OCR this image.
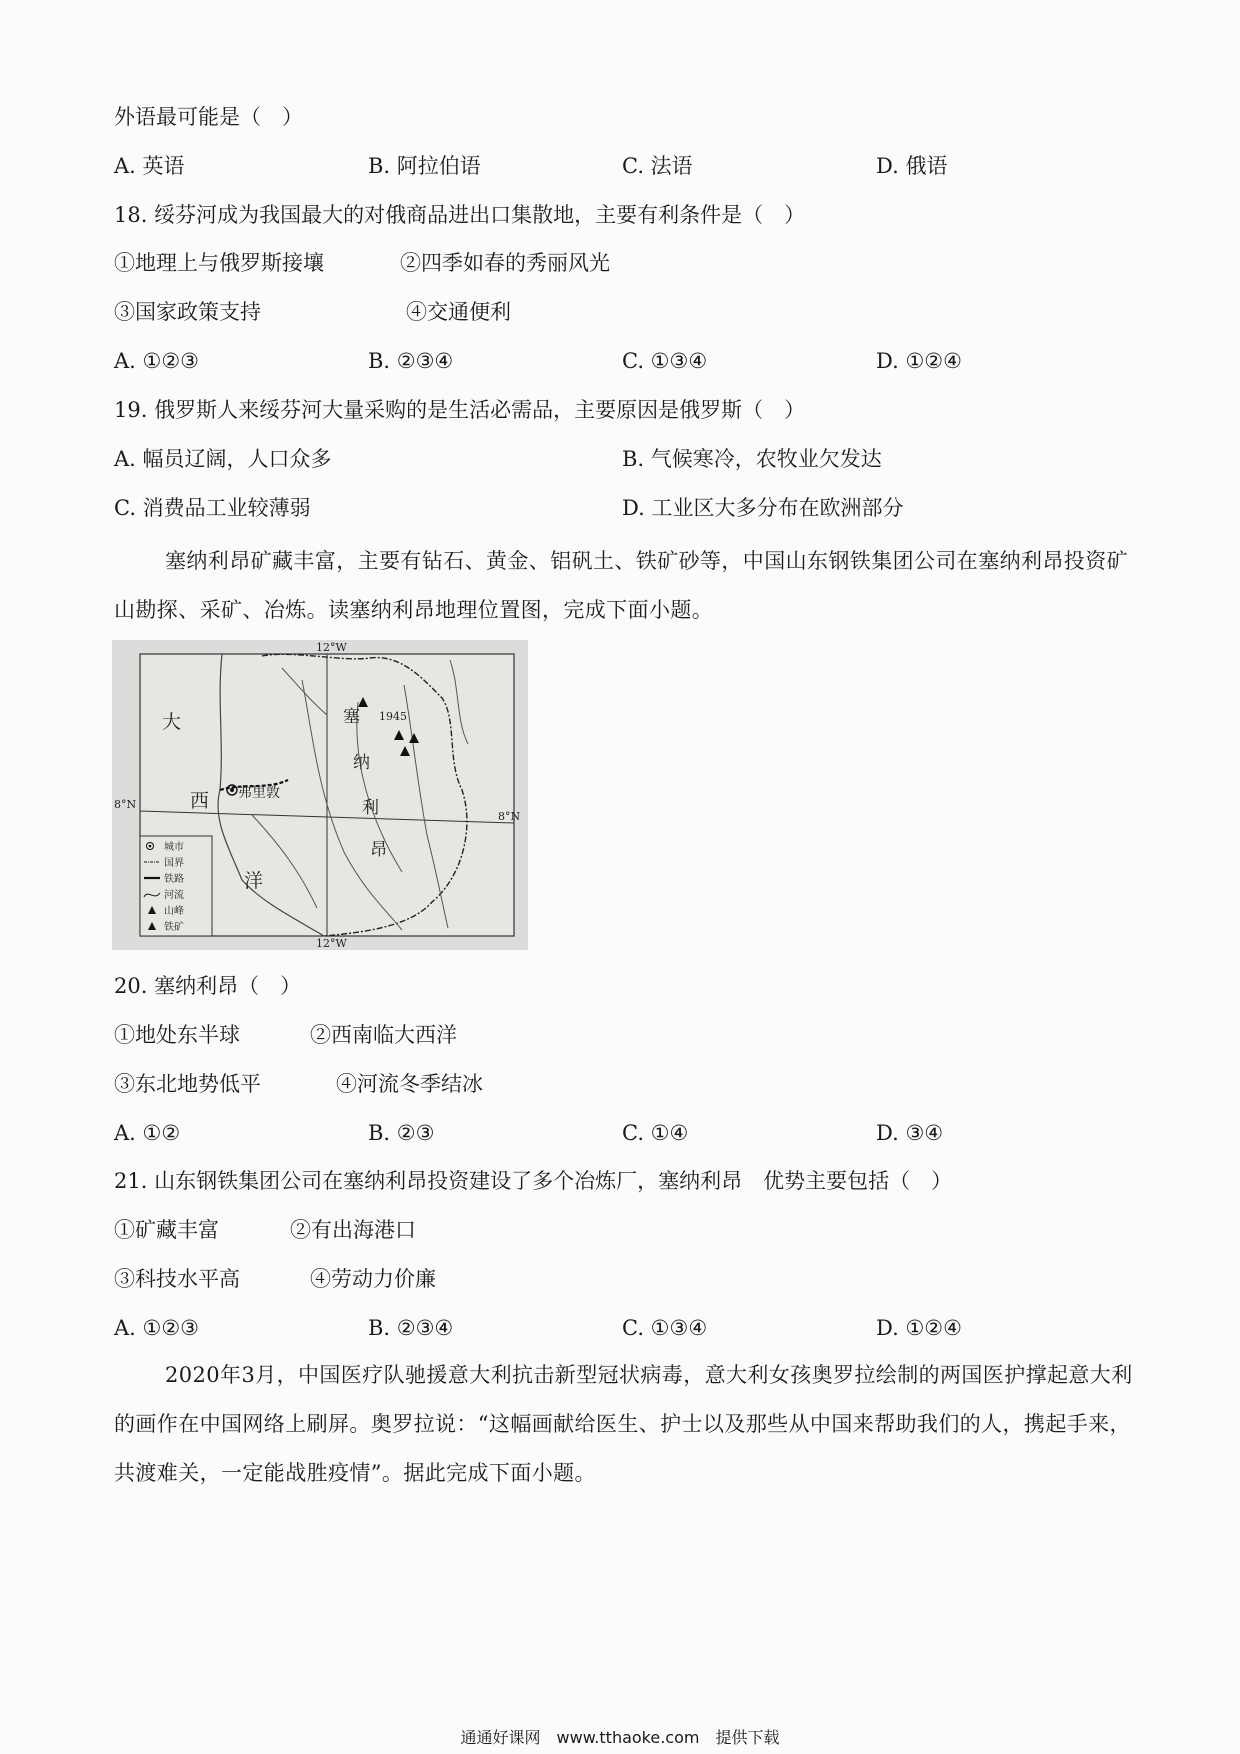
外语最可能是（　）
A. 英语	B. 阿拉伯语	C. 法语	D. 俄语
18. 绥芬河成为我国最大的对俄商品进出口集散地，主要有利条件是（　）
①地理上与俄罗斯接壤	②四季如春的秀丽风光
③国家政策支持	④交通便利
A. ①②③	B. ②③④	C. ①③④	D. ①②④
19. 俄罗斯人来绥芬河大量采购的是生活必需品，主要原因是俄罗斯（　）
A. 幅员辽阔，人口众多	B. 气候寒冷，农牧业欠发达
C. 消费品工业较薄弱	D. 工业区大多分布在欧洲部分
塞纳利昂矿藏丰富，主要有钻石、黄金、铝矾土、铁矿砂等，中国山东钢铁集团公司在塞纳利昂投资矿山勘探、采矿、冶炼。读塞纳利昂地理位置图，完成下面小题。
12°W
12°W
8°N
8°N
大
西
洋
塞
纳
利
昂
弗里敦
1945
城市
国界
铁路
河流
山峰
铁矿
20. 塞纳利昂（　）
①地处东半球	②西南临大西洋
③东北地势低平	④河流冬季结冰
A. ①②	B. ②③	C. ①④	D. ③④
21. 山东钢铁集团公司在塞纳利昂投资建设了多个冶炼厂，塞纳利昂　优势主要包括（　）
①矿藏丰富	②有出海港口
③科技水平高	④劳动力价廉
A. ①②③	B. ②③④	C. ①③④	D. ①②④
2020年3月，中国医疗队驰援意大利抗击新型冠状病毒，意大利女孩奥罗拉绘制的两国医护撑起意大利的画作在中国网络上刷屏。奥罗拉说：“这幅画献给医生、护士以及那些从中国来帮助我们的人，携起手来，共渡难关，一定能战胜疫情”。据此完成下面小题。
通通好课网　www.tthaoke.com　提供下载
